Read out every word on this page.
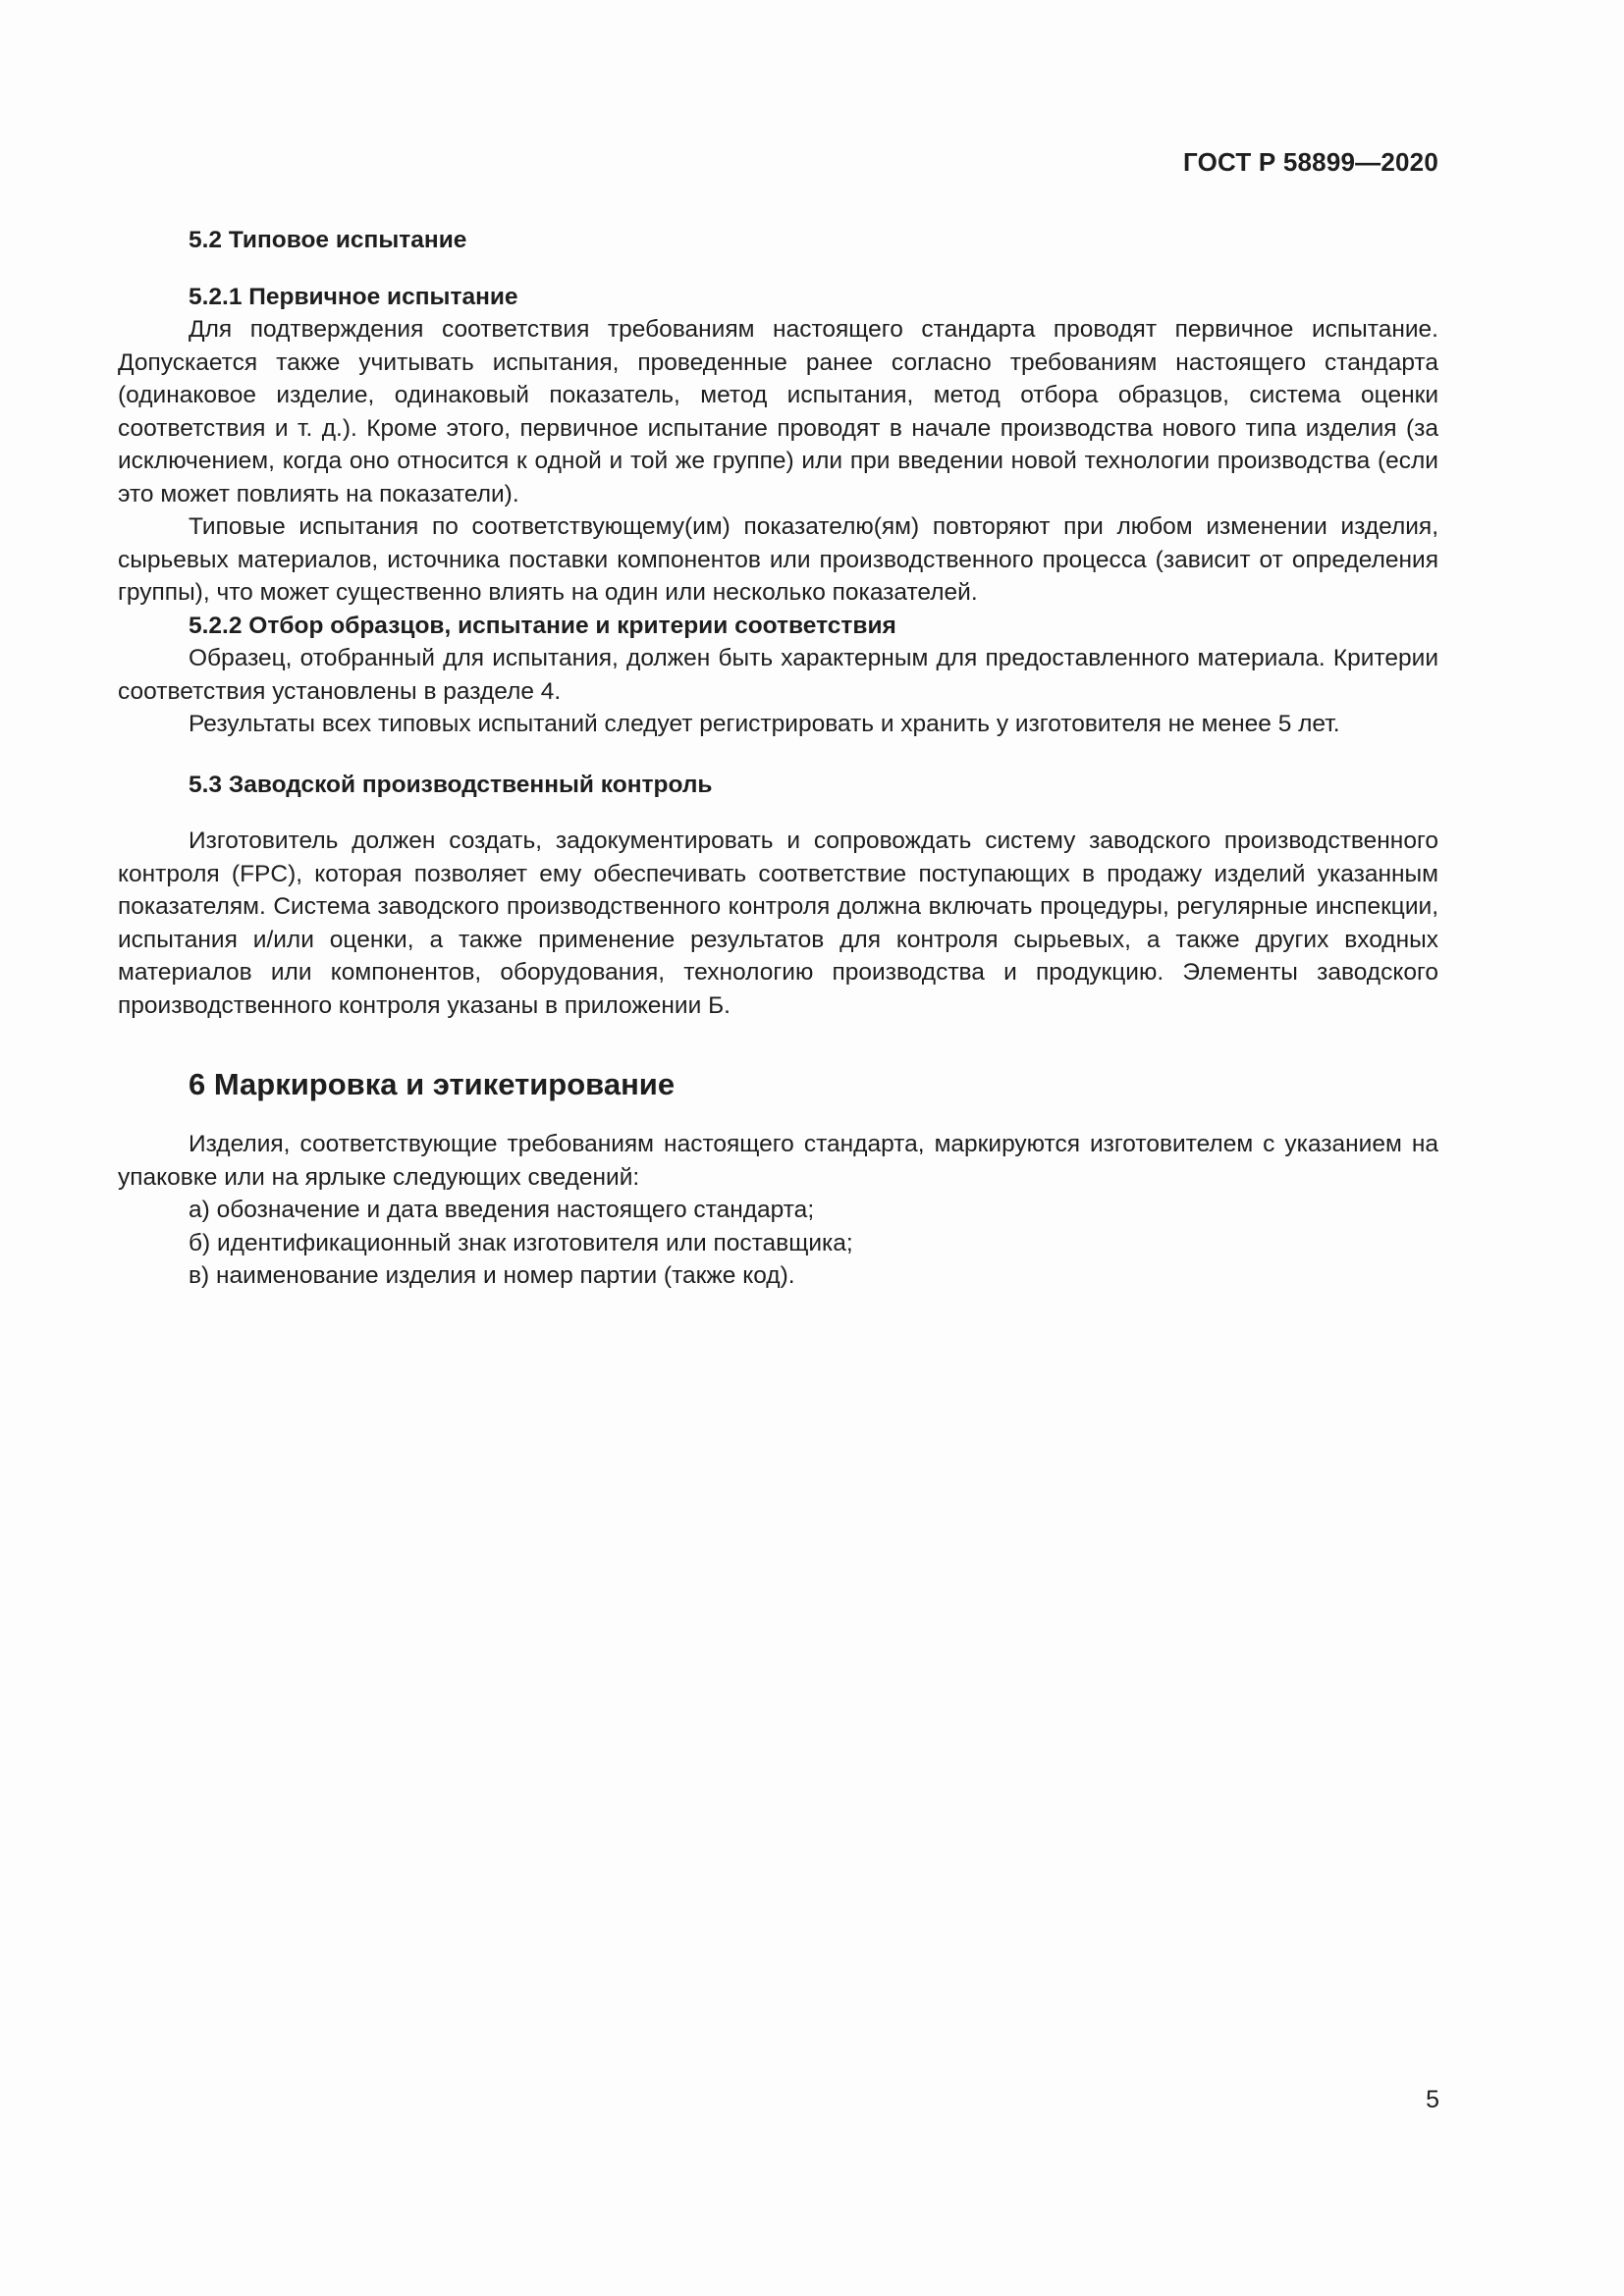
ГОСТ Р 58899—2020
5.2 Типовое испытание
5.2.1 Первичное испытание

Для подтверждения соответствия требованиям настоящего стандарта проводят первичное испытание. Допускается также учитывать испытания, проведенные ранее согласно требованиям настоящего стандарта (одинаковое изделие, одинаковый показатель, метод испытания, метод отбора образцов, система оценки соответствия и т. д.). Кроме этого, первичное испытание проводят в начале производства нового типа изделия (за исключением, когда оно относится к одной и той же группе) или при введении новой технологии производства (если это может повлиять на показатели).

Типовые испытания по соответствующему(им) показателю(ям) повторяют при любом изменении изделия, сырьевых материалов, источника поставки компонентов или производственного процесса (зависит от определения группы), что может существенно влиять на один или несколько показателей.

5.2.2 Отбор образцов, испытание и критерии соответствия

Образец, отобранный для испытания, должен быть характерным для предоставленного материала. Критерии соответствия установлены в разделе 4.

Результаты всех типовых испытаний следует регистрировать и хранить у изготовителя не менее 5 лет.

5.3 Заводской производственный контроль

Изготовитель должен создать, задокументировать и сопровождать систему заводского производственного контроля (FPC), которая позволяет ему обеспечивать соответствие поступающих в продажу изделий указанным показателям. Система заводского производственного контроля должна включать процедуры, регулярные инспекции, испытания и/или оценки, а также применение результатов для контроля сырьевых, а также других входных материалов или компонентов, оборудования, технологию производства и продукцию. Элементы заводского производственного контроля указаны в приложении Б.

6 Маркировка и этикетирование

Изделия, соответствующие требованиям настоящего стандарта, маркируются изготовителем с указанием на упаковке или на ярлыке следующих сведений:

а) обозначение и дата введения настоящего стандарта;

б) идентификационный знак изготовителя или поставщика;

в) наименование изделия и номер партии (также код).

5
